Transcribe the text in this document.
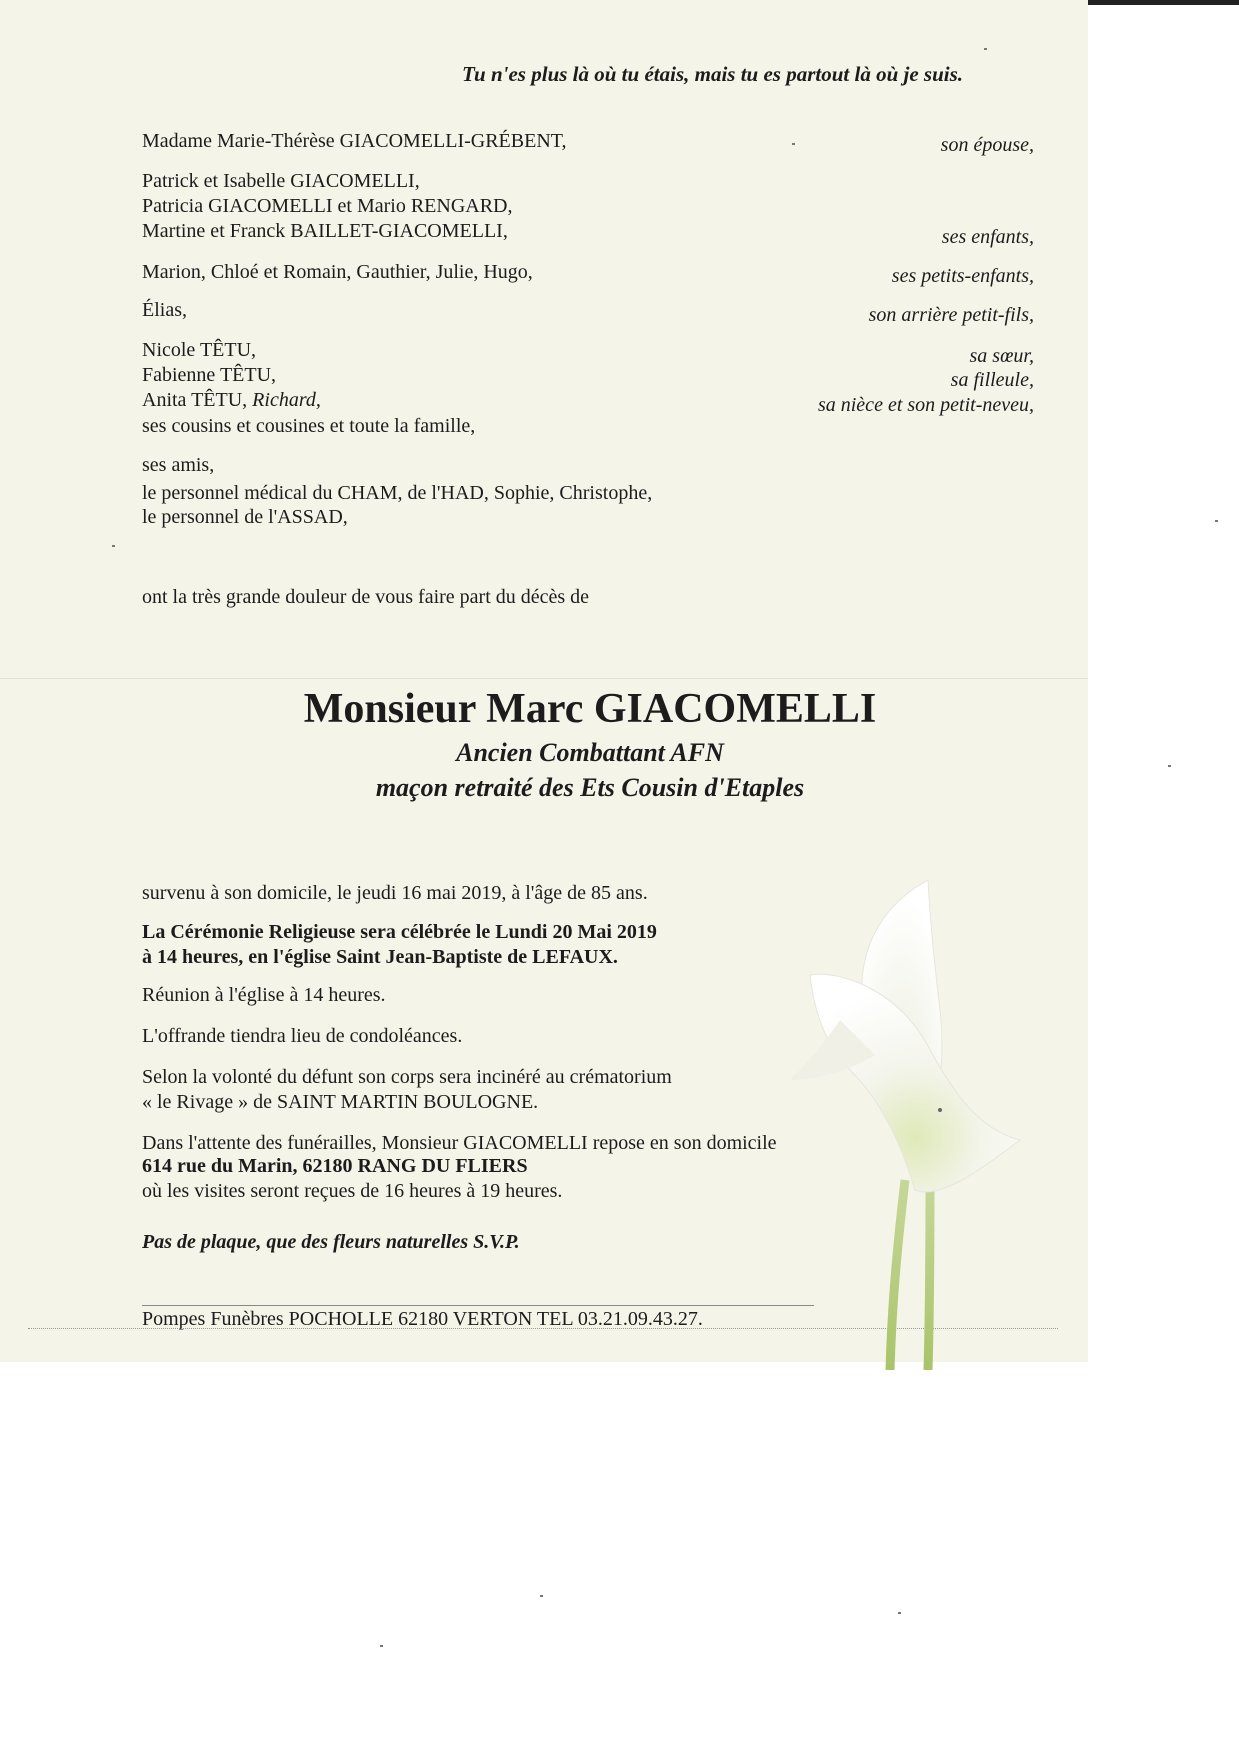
Tu n'es plus là où tu étais, mais tu es partout là où je suis.
Madame Marie-Thérèse GIACOMELLI-GRÉBENT,	son épouse,
Patrick et Isabelle GIACOMELLI,
Patricia GIACOMELLI et Mario RENGARD,
Martine et Franck BAILLET-GIACOMELLI,	ses enfants,
Marion, Chloé et Romain, Gauthier, Julie, Hugo,	ses petits-enfants,
Élias,	son arrière petit-fils,
Nicole TÊTU,	sa sœur,
Fabienne TÊTU,	sa filleule,
Anita TÊTU, Richard,	sa nièce et son petit-neveu,
ses cousins et cousines et toute la famille,
ses amis,
le personnel médical du CHAM, de l'HAD, Sophie, Christophe,
le personnel de l'ASSAD,
ont la très grande douleur de vous faire part du décès de
Monsieur Marc GIACOMELLI
Ancien Combattant AFN
maçon retraité des Ets Cousin d'Etaples
survenu à son domicile, le jeudi 16 mai 2019, à l'âge de 85 ans.
La Cérémonie Religieuse sera célébrée le Lundi 20 Mai 2019
à 14 heures, en l'église Saint Jean-Baptiste de LEFAUX.
Réunion à l'église à 14 heures.
L'offrande tiendra lieu de condoléances.
Selon la volonté du défunt son corps sera inciné​ré au crématorium
« le Rivage » de SAINT MARTIN BOULOGNE.
Dans l'attente des funérailles, Monsieur GIACOMELLI repose en son domicile
614 rue du Marin, 62180 RANG DU FLIERS
où les visites seront reçues de 16 heures à 19 heures.
Pas de plaque, que des fleurs naturelles S.V.P.
Pompes Funèbres POCHOLLE 62180 VERTON TEL 03.21.09.43.27.
